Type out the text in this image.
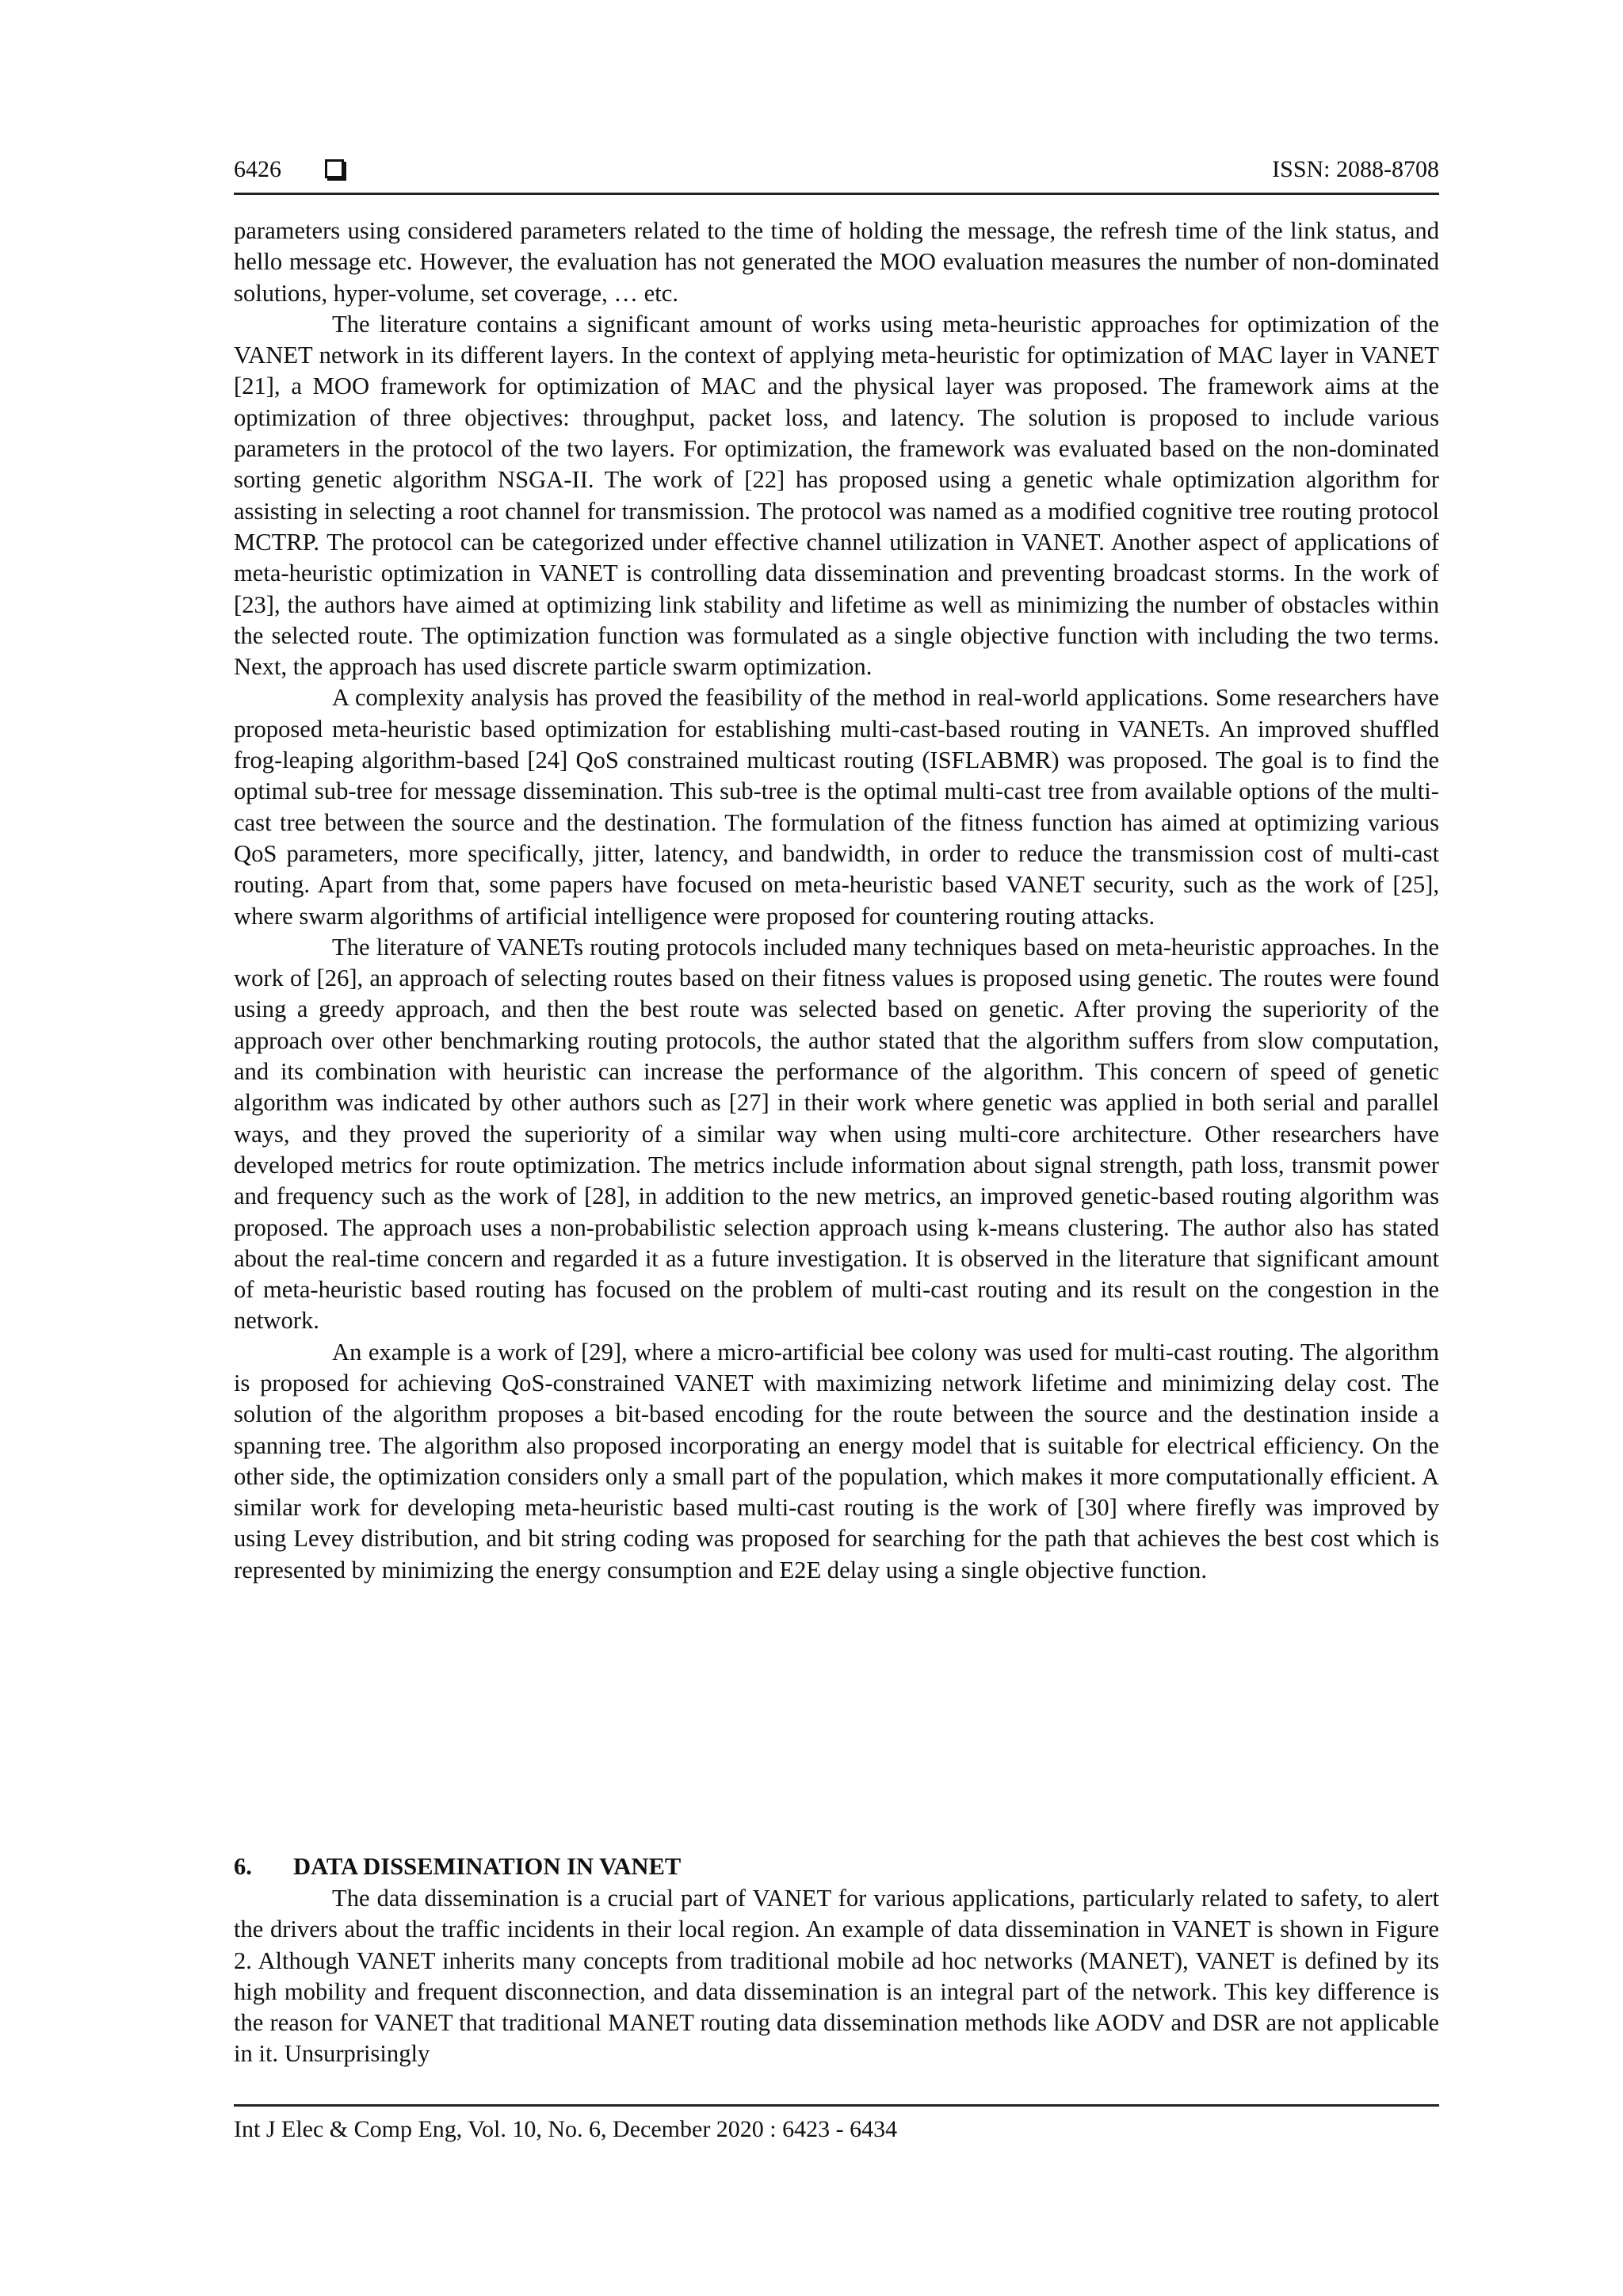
6426	ISSN: 2088-8708

parameters using considered parameters related to the time of holding the message, the refresh time of the link status, and hello message etc. However, the evaluation has not generated the MOO evaluation measures the number of non-dominated solutions, hyper-volume, set coverage, … etc.

The literature contains a significant amount of works using meta-heuristic approaches for optimization of the VANET network in its different layers. In the context of applying meta-heuristic for optimization of MAC layer in VANET [21], a MOO framework for optimization of MAC and the physical layer was proposed. The framework aims at the optimization of three objectives: throughput, packet loss, and latency. The solution is proposed to include various parameters in the protocol of the two layers. For optimization, the framework was evaluated based on the non-dominated sorting genetic algorithm NSGA-II. The work of [22] has proposed using a genetic whale optimization algorithm for assisting in selecting a root channel for transmission. The protocol was named as a modified cognitive tree routing protocol MCTRP. The protocol can be categorized under effective channel utilization in VANET. Another aspect of applications of meta-heuristic optimization in VANET is controlling data dissemination and preventing broadcast storms. In the work of [23], the authors have aimed at optimizing link stability and lifetime as well as minimizing the number of obstacles within the selected route. The optimization function was formulated as a single objective function with including the two terms. Next, the approach has used discrete particle swarm optimization.

A complexity analysis has proved the feasibility of the method in real-world applications. Some researchers have proposed meta-heuristic based optimization for establishing multi-cast-based routing in VANETs. An improved shuffled frog-leaping algorithm-based [24] QoS constrained multicast routing (ISFLABMR) was proposed. The goal is to find the optimal sub-tree for message dissemination. This sub-tree is the optimal multi-cast tree from available options of the multi-cast tree between the source and the destination. The formulation of the fitness function has aimed at optimizing various QoS parameters, more specifically, jitter, latency, and bandwidth, in order to reduce the transmission cost of multi-cast routing. Apart from that, some papers have focused on meta-heuristic based VANET security, such as the work of [25], where swarm algorithms of artificial intelligence were proposed for countering routing attacks.

The literature of VANETs routing protocols included many techniques based on meta-heuristic approaches. In the work of [26], an approach of selecting routes based on their fitness values is proposed using genetic. The routes were found using a greedy approach, and then the best route was selected based on genetic. After proving the superiority of the approach over other benchmarking routing protocols, the author stated that the algorithm suffers from slow computation, and its combination with heuristic can increase the performance of the algorithm. This concern of speed of genetic algorithm was indicated by other authors such as [27] in their work where genetic was applied in both serial and parallel ways, and they proved the superiority of a similar way when using multi-core architecture. Other researchers have developed metrics for route optimization. The metrics include information about signal strength, path loss, transmit power and frequency such as the work of [28], in addition to the new metrics, an improved genetic-based routing algorithm was proposed. The approach uses a non-probabilistic selection approach using k-means clustering. The author also has stated about the real-time concern and regarded it as a future investigation. It is observed in the literature that significant amount of meta-heuristic based routing has focused on the problem of multi-cast routing and its result on the congestion in the network.

An example is a work of [29], where a micro-artificial bee colony was used for multi-cast routing. The algorithm is proposed for achieving QoS-constrained VANET with maximizing network lifetime and minimizing delay cost. The solution of the algorithm proposes a bit-based encoding for the route between the source and the destination inside a spanning tree. The algorithm also proposed incorporating an energy model that is suitable for electrical efficiency. On the other side, the optimization considers only a small part of the population, which makes it more computationally efficient. A similar work for developing meta-heuristic based multi-cast routing is the work of [30] where firefly was improved by using Levey distribution, and bit string coding was proposed for searching for the path that achieves the best cost which is represented by minimizing the energy consumption and E2E delay using a single objective function.

6. DATA DISSEMINATION IN VANET

The data dissemination is a crucial part of VANET for various applications, particularly related to safety, to alert the drivers about the traffic incidents in their local region. An example of data dissemination in VANET is shown in Figure 2. Although VANET inherits many concepts from traditional mobile ad hoc networks (MANET), VANET is defined by its high mobility and frequent disconnection, and data dissemination is an integral part of the network. This key difference is the reason for VANET that traditional MANET routing data dissemination methods like AODV and DSR are not applicable in it. Unsurprisingly

Int J Elec & Comp Eng, Vol. 10, No. 6, December 2020 : 6423 - 6434
